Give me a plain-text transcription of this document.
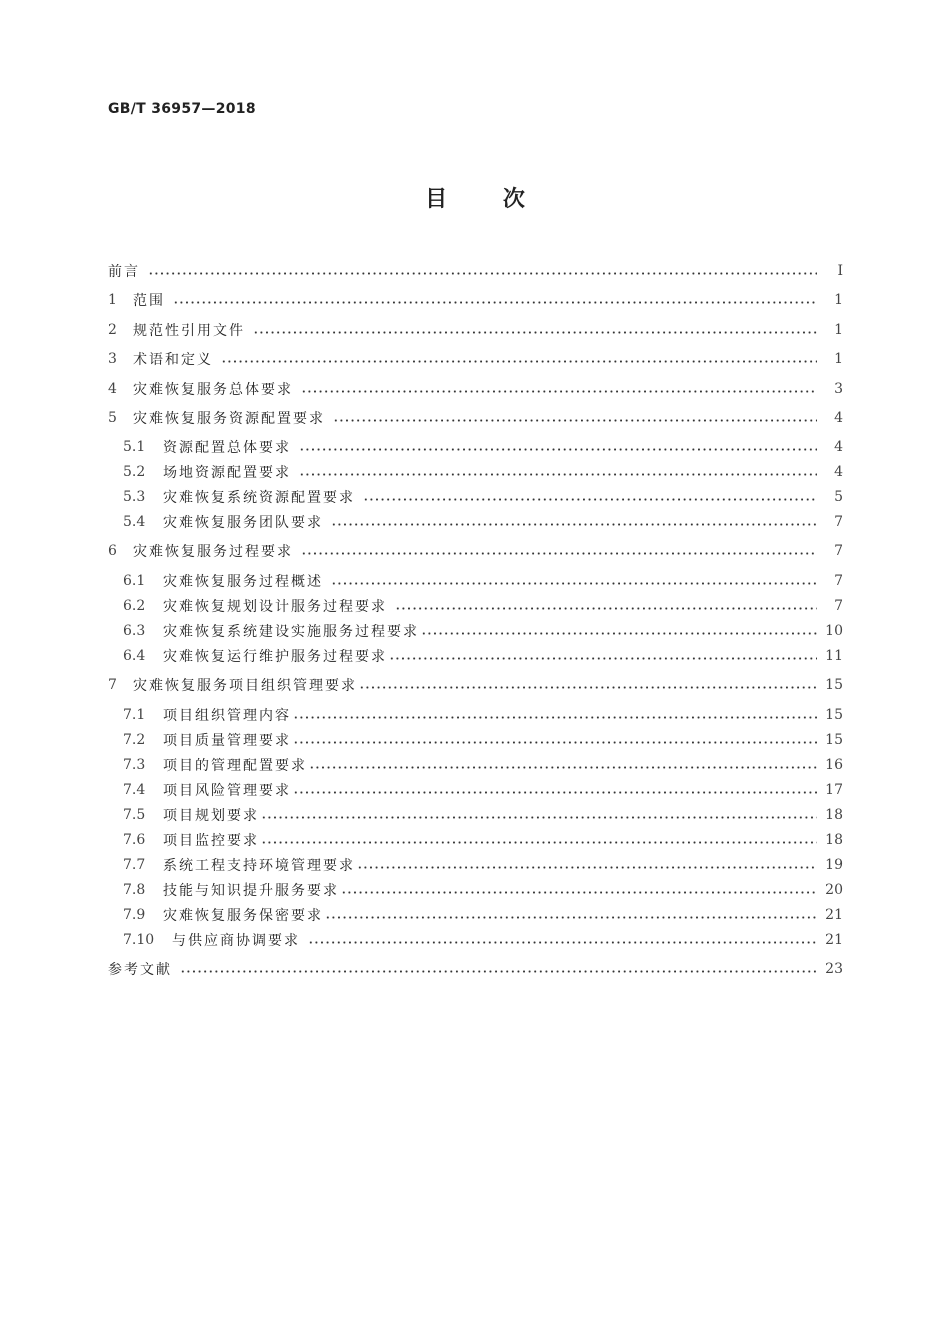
GB/T 36957—2018
目	次
前言	Ⅰ
1	范围	1
2	规范性引用文件	1
3	术语和定义	1
4	灾难恢复服务总体要求	3
5	灾难恢复服务资源配置要求	4
5.1	资源配置总体要求	4
5.2	场地资源配置要求	4
5.3	灾难恢复系统资源配置要求	5
5.4	灾难恢复服务团队要求	7
6	灾难恢复服务过程要求	7
6.1	灾难恢复服务过程概述	7
6.2	灾难恢复规划设计服务过程要求	7
6.3	灾难恢复系统建设实施服务过程要求	10
6.4	灾难恢复运行维护服务过程要求	11
7	灾难恢复服务项目组织管理要求	15
7.1	项目组织管理内容	15
7.2	项目质量管理要求	15
7.3	项目的管理配置要求	16
7.4	项目风险管理要求	17
7.5	项目规划要求	18
7.6	项目监控要求	18
7.7	系统工程支持环境管理要求	19
7.8	技能与知识提升服务要求	20
7.9	灾难恢复服务保密要求	21
7.10	与供应商协调要求	21
参考文献	23
